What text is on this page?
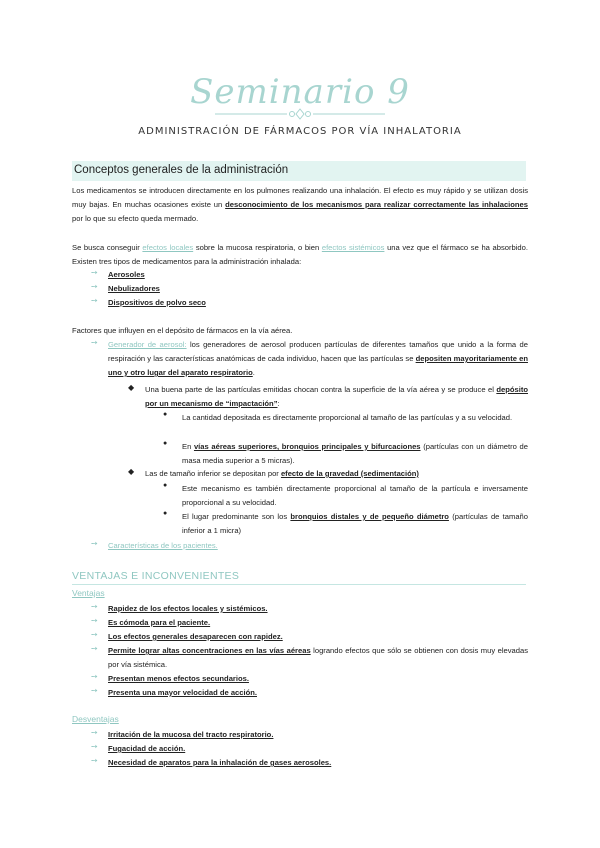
Seminario 9
ADMINISTRACIÓN DE FÁRMACOS POR VÍA INHALATORIA
Conceptos generales de la administración
Los medicamentos se introducen directamente en los pulmones realizando una inhalación. El efecto es muy rápido y se utilizan dosis muy bajas. En muchas ocasiones existe un desconocimiento de los mecanismos para realizar correctamente las inhalaciones por lo que su efecto queda mermado.
Se busca conseguir efectos locales sobre la mucosa respiratoria, o bien efectos sistémicos una vez que el fármaco se ha absorbido. Existen tres tipos de medicamentos para la administración inhalada:
➙ Aerosoles
➙ Nebulizadores
➙ Dispositivos de polvo seco
Factores que influyen en el depósito de fármacos en la vía aérea.
➙ Generador de aerosol: los generadores de aerosol producen partículas de diferentes tamaños que unido a la forma de respiración y las características anatómicas de cada individuo, hacen que las partículas se depositen mayoritariamente en uno y otro lugar del aparato respiratorio.
◆ Una buena parte de las partículas emitidas chocan contra la superficie de la vía aérea y se produce el depósito por un mecanismo de “impactación”:
● La cantidad depositada es directamente proporcional al tamaño de las partículas y a su velocidad.
● En vías aéreas superiores, bronquios principales y bifurcaciones (partículas con un diámetro de masa media superior a 5 micras).
◆ Las de tamaño inferior se depositan por efecto de la gravedad (sedimentación)
● Este mecanismo es también directamente proporcional al tamaño de la partícula e inversamente proporcional a su velocidad.
● El lugar predominante son los bronquios distales y de pequeño diámetro (partículas de tamaño inferior a 1 micra)
➙ Características de los pacientes.
VENTAJAS E INCONVENIENTES
Ventajas
➙ Rapidez de los efectos locales y sistémicos.
➙ Es cómoda para el paciente.
➙ Los efectos generales desaparecen con rapidez.
➙ Permite lograr altas concentraciones en las vías aéreas logrando efectos que sólo se obtienen con dosis muy elevadas por vía sistémica.
➙ Presentan menos efectos secundarios.
➙ Presenta una mayor velocidad de acción.
Desventajas
➙ Irritación de la mucosa del tracto respiratorio.
➙ Fugacidad de acción.
➙ Necesidad de aparatos para la inhalación de gases aerosoles.
